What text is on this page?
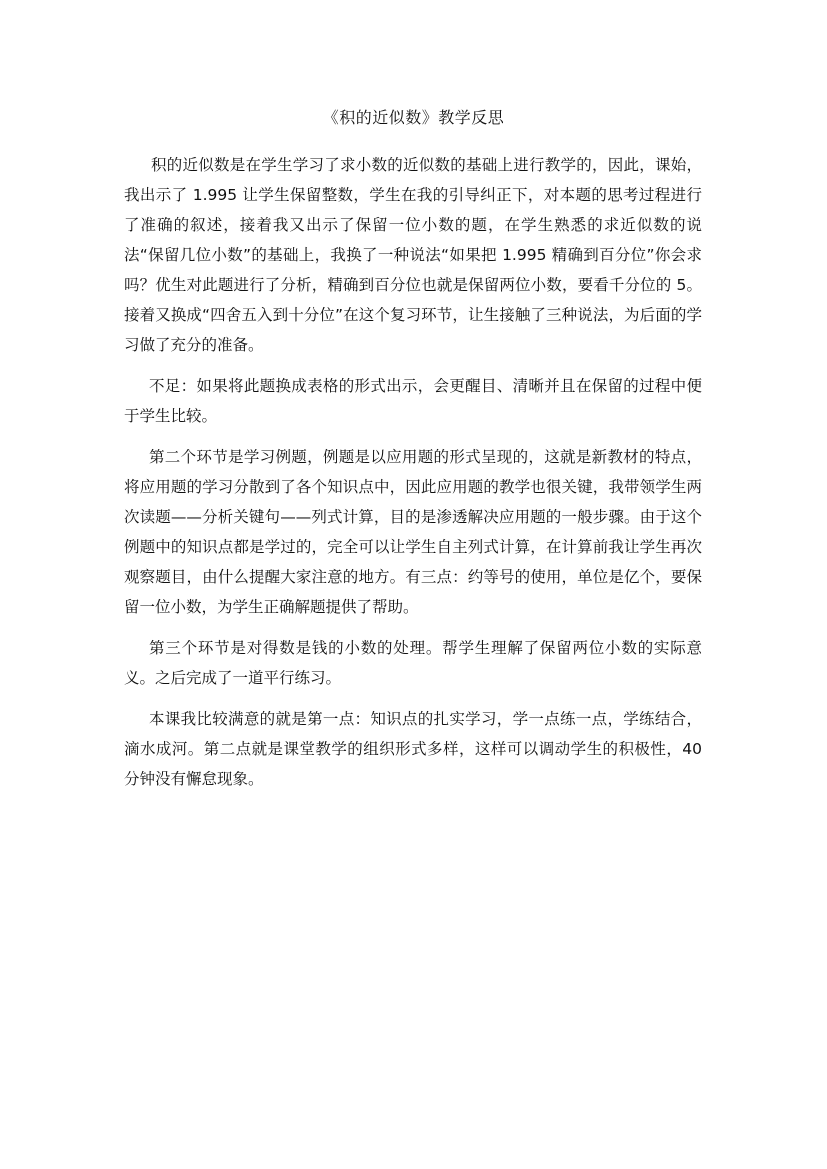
《积的近似数》教学反思

积的近似数是在学生学习了求小数的近似数的基础上进行教学的，因此，课始，我出示了 1.995 让学生保留整数，学生在我的引导纠正下，对本题的思考过程进行了准确的叙述，接着我又出示了保留一位小数的题，在学生熟悉的求近似数的说法“保留几位小数”的基础上，我换了一种说法“如果把 1.995 精确到百分位”你会求吗？优生对此题进行了分析，精确到百分位也就是保留两位小数，要看千分位的 5。接着又换成“四舍五入到十分位”在这个复习环节，让生接触了三种说法，为后面的学习做了充分的准备。

不足：如果将此题换成表格的形式出示，会更醒目、清晰并且在保留的过程中便于学生比较。

第二个环节是学习例题，例题是以应用题的形式呈现的，这就是新教材的特点，将应用题的学习分散到了各个知识点中，因此应用题的教学也很关键，我带领学生两次读题——分析关键句——列式计算，目的是渗透解决应用题的一般步骤。由于这个例题中的知识点都是学过的，完全可以让学生自主列式计算，在计算前我让学生再次观察题目，由什么提醒大家注意的地方。有三点：约等号的使用，单位是亿个，要保留一位小数，为学生正确解题提供了帮助。

第三个环节是对得数是钱的小数的处理。帮学生理解了保留两位小数的实际意义。之后完成了一道平行练习。

本课我比较满意的就是第一点：知识点的扎实学习，学一点练一点，学练结合，滴水成河。第二点就是课堂教学的组织形式多样，这样可以调动学生的积极性，40 分钟没有懈怠现象。
